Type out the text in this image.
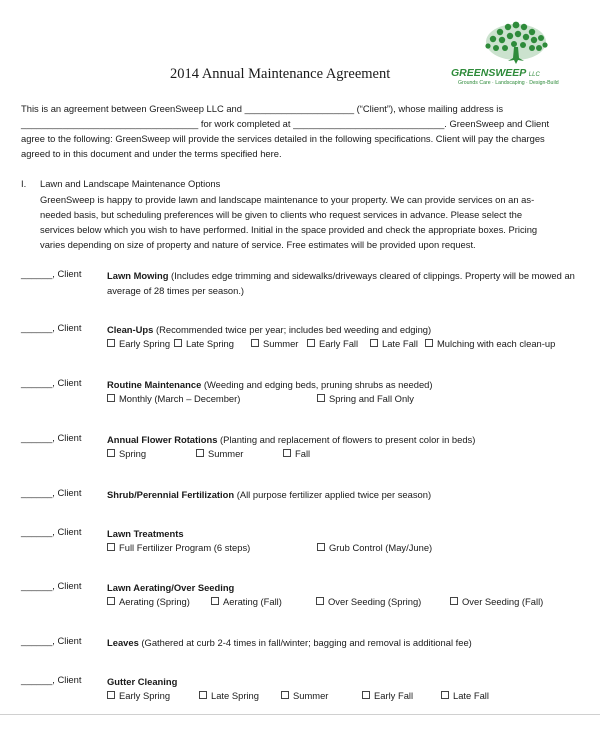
GREENSWEEP LLC
Grounds Care · Landscaping · Design-Build
2014 Annual Maintenance Agreement
This is an agreement between GreenSweep LLC and _____________________ (“Client”), whose mailing address is __________________________________ for work completed at _____________________________. GreenSweep and Client agree to the following: GreenSweep will provide the services detailed in the following specifications. Client will pay the charges agreed to in this document and under the terms specified here.
I. Lawn and Landscape Maintenance Options
GreenSweep is happy to provide lawn and landscape maintenance to your property. We can provide services on an as-needed basis, but scheduling preferences will be given to clients who request services in advance. Please select the services below which you wish to have performed. Initial in the space provided and check the appropriate boxes. Pricing varies depending on size of property and nature of service. Free estimates will be provided upon request.
______, Client	Lawn Mowing (Includes edge trimming and sidewalks/driveways cleared of clippings. Property will be mowed an average of 28 times per season.)
______, Client	Clean-Ups (Recommended twice per year; includes bed weeding and edging)
Early Spring	Late Spring	Summer	Early Fall	Late Fall	Mulching with each clean-up
______, Client	Routine Maintenance (Weeding and edging beds, pruning shrubs as needed)
Monthly (March – December)	Spring and Fall Only
______, Client	Annual Flower Rotations (Planting and replacement of flowers to present color in beds)
Spring	Summer	Fall
______, Client	Shrub/Perennial Fertilization (All purpose fertilizer applied twice per season)
______, Client	Lawn Treatments
Full Fertilizer Program (6 steps)	Grub Control (May/June)
______, Client	Lawn Aerating/Over Seeding
Aerating (Spring)	Aerating (Fall)	Over Seeding (Spring)	Over Seeding (Fall)
______, Client	Leaves (Gathered at curb 2-4 times in fall/winter; bagging and removal is additional fee)
______, Client	Gutter Cleaning
Early Spring	Late Spring	Summer	Early Fall	Late Fall
